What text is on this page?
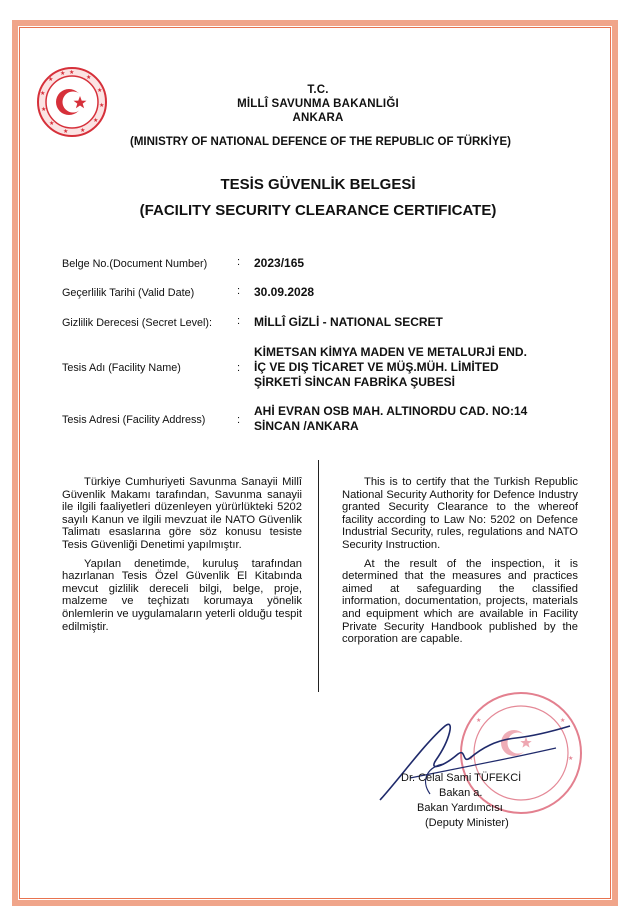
★
★
★
★
★
★
★
★
★
★
★
★
T.C.
MİLLÎ SAVUNMA BAKANLIĞI
ANKARA
(MINISTRY OF NATIONAL DEFENCE OF THE REPUBLIC OF TÜRKİYE)
TESİS GÜVENLİK BELGESİ
(FACILITY SECURITY CLEARANCE CERTIFICATE)
Belge No.(Document Number)	: 2023/165
Geçerlilik Tarihi (Valid Date)	: 30.09.2028
Gizlilik Derecesi (Secret Level): : MİLLÎ GİZLİ - NATIONAL SECRET
Tesis Adı (Facility Name)	:
KİMETSAN KİMYA MADEN VE METALURJİ END.
İÇ VE DIŞ TİCARET VE MÜŞ.MÜH. LİMİTED
ŞİRKETİ SİNCAN FABRİKA ŞUBESİ
Tesis Adresi (Facility Address)	:
AHİ EVRAN OSB MAH. ALTINORDU CAD. NO:14
SİNCAN /ANKARA

Türkiye Cumhuriyeti Savunma Sanayii Millî Güvenlik Makamı tarafından, Savunma sanayii ile ilgili faaliyetleri düzenleyen yürürlükteki 5202 sayılı Kanun ve ilgili mevzuat ile NATO Güvenlik Talimatı esaslarına göre söz konusu tesiste Tesis Güvenliği Denetimi yapılmıştır.

Yapılan denetimde, kuruluş tarafından hazırlanan Tesis Özel Güvenlik El Kitabında mevcut gizlilik dereceli bilgi, belge, proje, malzeme ve teçhizatı korumaya yönelik önlemlerin ve uygulamaların yeterli olduğu tespit edilmiştir.

This is to certify that the Turkish Republic National Security Authority for Defence Industry granted Security Clearance to the whereof facility according to Law No: 5202 on Defence Industrial Security, rules, regulations and NATO Security Instruction.

At the result of the inspection, it is determined that the measures and practices aimed at safeguarding the classified information, documentation, projects, materials and equipment which are available in Facility Private Security Handbook published by the corporation are capable.

★	★
★	★
Dr. Celal Sami TÜFEKCİ
Bakan a.
Bakan Yardımcısı
(Deputy Minister)
